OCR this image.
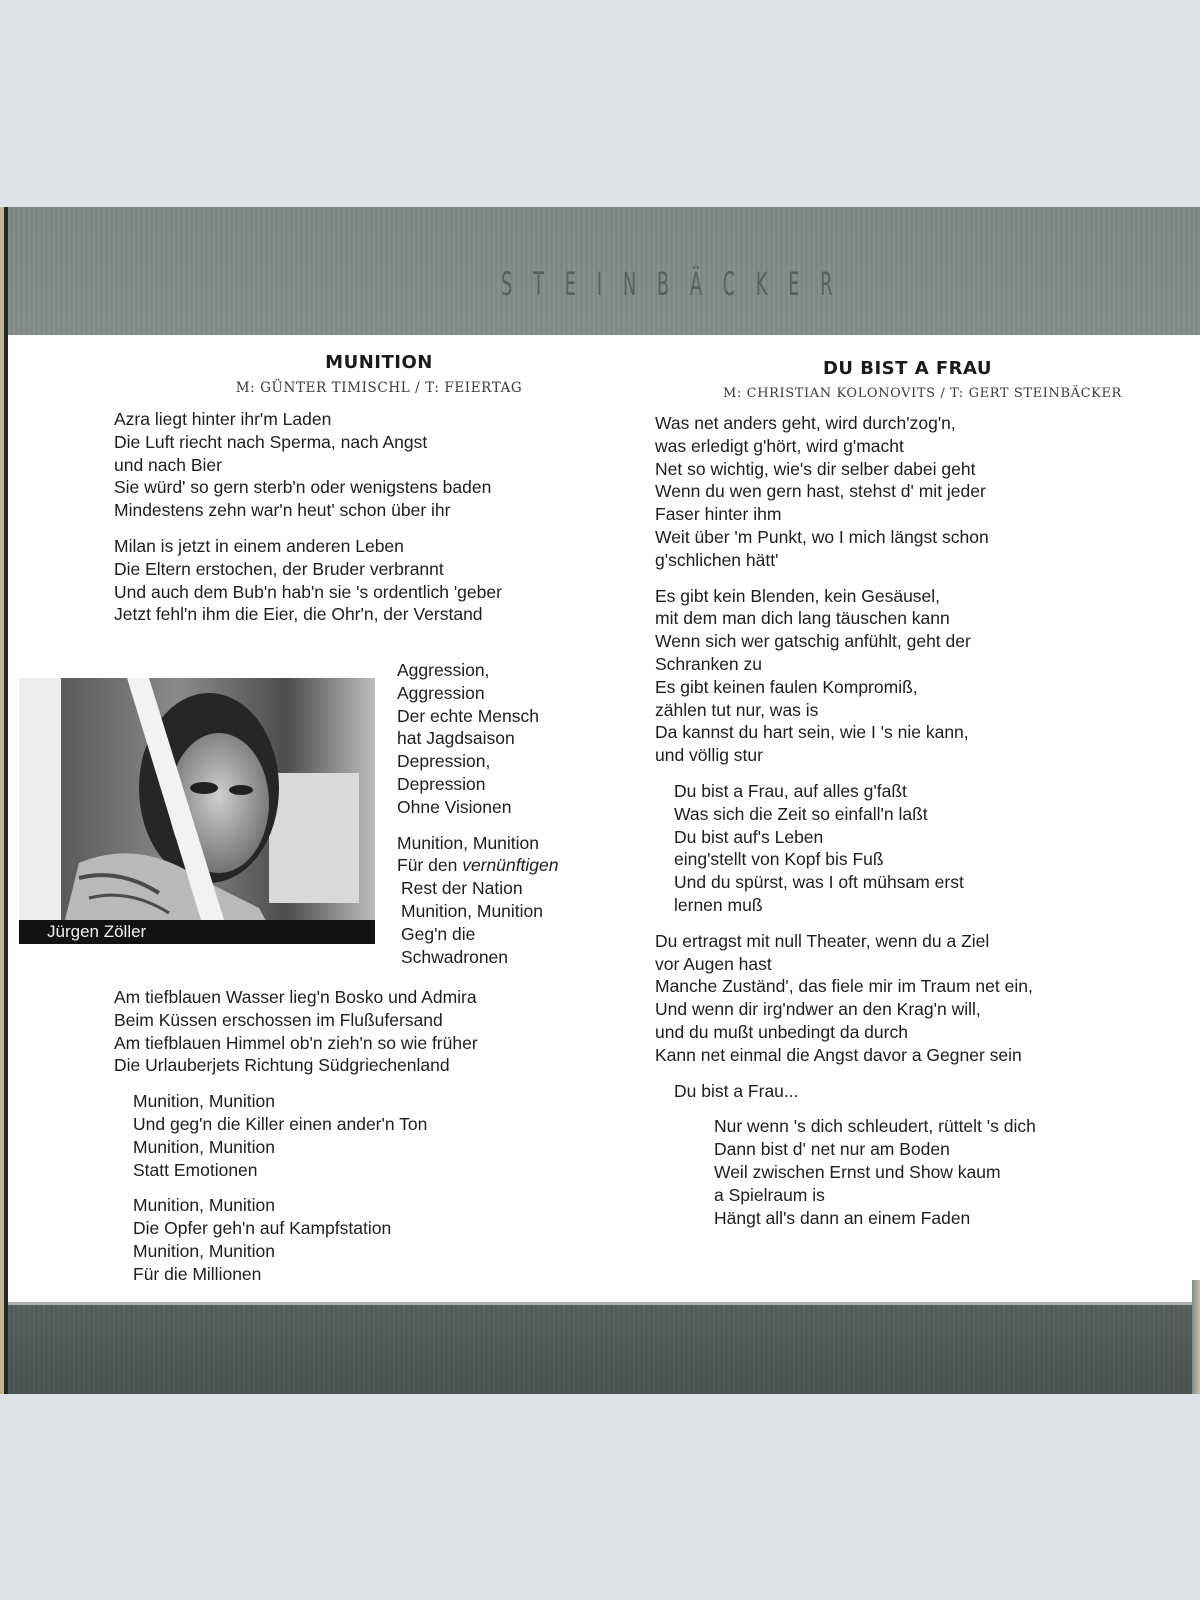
STEINBÄCKER
MUNITION

M: GÜNTER TIMISCHL / T: FEIERTAG

Azra liegt hinter ihr'm Laden
Die Luft riecht nach Sperma, nach Angst
und nach Bier
Sie würd' so gern sterb'n oder wenigstens baden
Mindestens zehn war'n heut' schon über ihr
Milan is jetzt in einem anderen Leben
Die Eltern erstochen, der Bruder verbrannt
Und auch dem Bub'n hab'n sie 's ordentlich 'geber
Jetzt fehl'n ihm die Eier, die Ohr'n, der Verstand
Jürgen Zöller
Aggression,
Aggression
Der echte Mensch
hat Jagdsaison
Depression,
Depression
Ohne Visionen
Munition, Munition
Für den vernünftigen
Rest der Nation
Munition, Munition
Geg'n die
Schwadronen
Am tiefblauen Wasser lieg'n Bosko und Admira
Beim Küssen erschossen im Flußufersand
Am tiefblauen Himmel ob'n zieh'n so wie früher
Die Urlauberjets Richtung Südgriechenland
Munition, Munition
Und geg'n die Killer einen ander'n Ton
Munition, Munition
Statt Emotionen
Munition, Munition
Die Opfer geh'n auf Kampfstation
Munition, Munition
Für die Millionen
DU BIST A FRAU

M: CHRISTIAN KOLONOVITS / T: GERT STEINBÄCKER

Was net anders geht, wird durch'zog'n,
was erledigt g'hört, wird g'macht
Net so wichtig, wie's dir selber dabei geht
Wenn du wen gern hast, stehst d' mit jeder
Faser hinter ihm
Weit über 'm Punkt, wo I mich längst schon
g'schlichen hätt'
Es gibt kein Blenden, kein Gesäusel,
mit dem man dich lang täuschen kann
Wenn sich wer gatschig anfühlt, geht der
Schranken zu
Es gibt keinen faulen Kompromiß,
zählen tut nur, was is
Da kannst du hart sein, wie I 's nie kann,
und völlig stur
Du bist a Frau, auf alles g'faßt
Was sich die Zeit so einfall'n laßt
Du bist auf's Leben
eing'stellt von Kopf bis Fuß
Und du spürst, was I oft mühsam erst
lernen muß
Du ertragst mit null Theater, wenn du a Ziel
vor Augen hast
Manche Zuständ', das fiele mir im Traum net ein,
Und wenn dir irg'ndwer an den Krag'n will,
und du mußt unbedingt da durch
Kann net einmal die Angst davor a Gegner sein
Du bist a Frau...
Nur wenn 's dich schleudert, rüttelt 's dich
Dann bist d' net nur am Boden
Weil zwischen Ernst und Show kaum
a Spielraum is
Hängt all's dann an einem Faden
